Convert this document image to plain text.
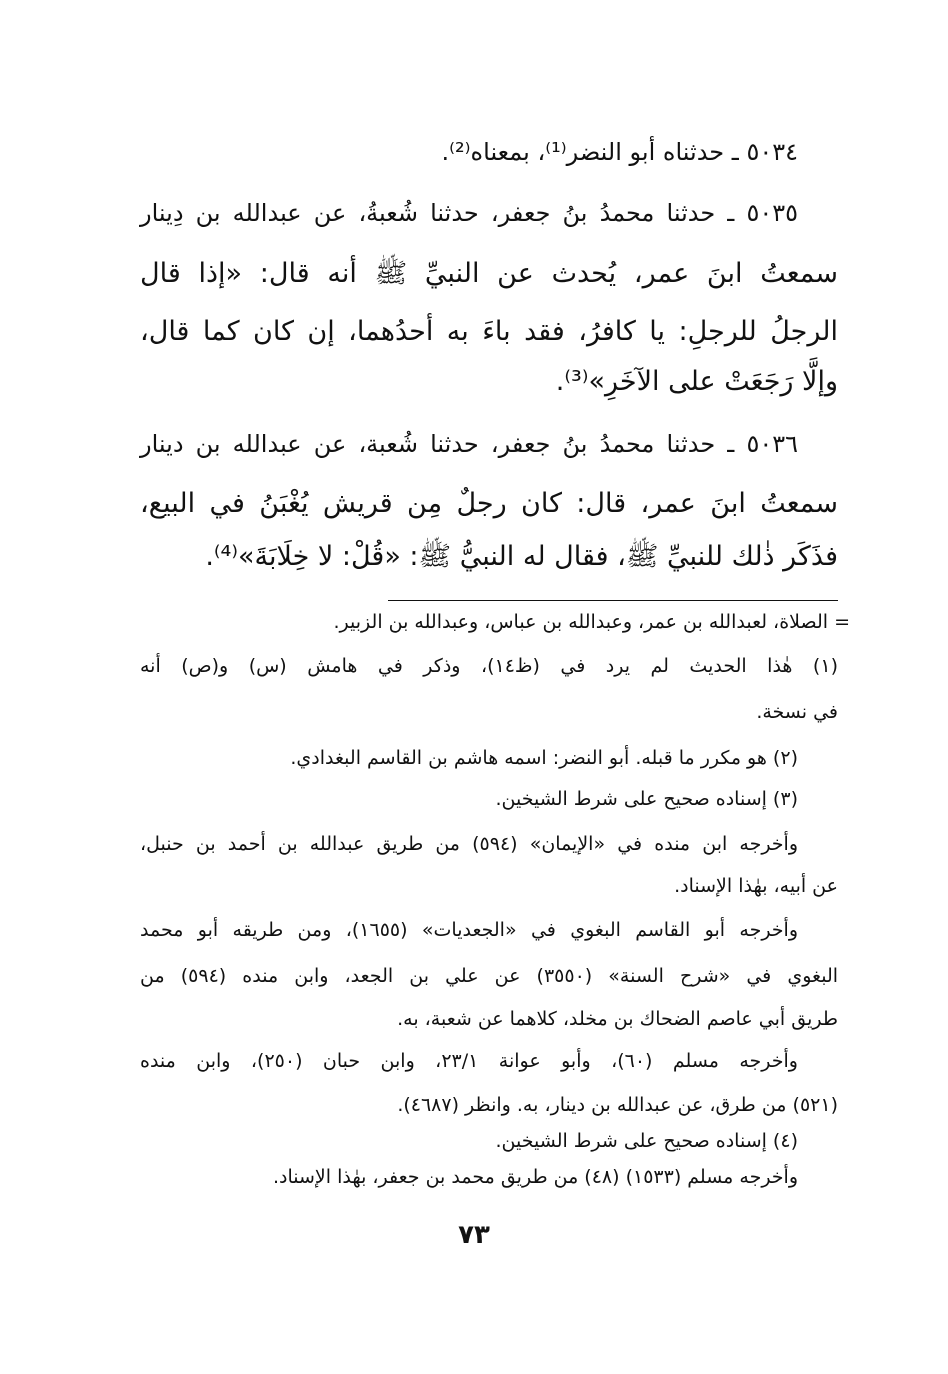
٥٠٣٤ ـ حدثناه أبو النضر⁽¹⁾، بمعناه⁽²⁾.
٥٠٣٥ ـ حدثنا محمدُ بنُ جعفر، حدثنا شُعبةُ، عن عبدالله بن دِينار
سمعتُ ابنَ عمر، يُحدث عن النبيِّ ﷺ أنه قال: «إذا قال
الرجلُ للرجلِ: يا كافرُ، فقد باءَ به أحدُهما، إن كان كما قال،
وإلَّا رَجَعَتْ على الآخَرِ»⁽³⁾.
٥٠٣٦ ـ حدثنا محمدُ بنُ جعفر، حدثنا شُعبة، عن عبدالله بن دينار
سمعتُ ابنَ عمر، قال: كان رجلٌ مِن قريش يُغْبَنُ في البيع،
فذَكَر ذٰلك للنبيِّ ﷺ، فقال له النبيُّ ﷺ: «قُلْ: لا خِلَابَةَ»⁽⁴⁾.
= الصلاة، لعبدالله بن عمر، وعبدالله بن عباس، وعبدالله بن الزبير.
(١) هٰذا الحديث لم يرد في (ظ١٤)، وذكر في هامش (س) و(ص) أنه
في نسخة.
(٢) هو مكرر ما قبله. أبو النضر: اسمه هاشم بن القاسم البغدادي.
(٣) إسناده صحيح على شرط الشيخين.
وأخرجه ابن منده في «الإيمان» (٥٩٤) من طريق عبدالله بن أحمد بن حنبل،
عن أبيه، بهٰذا الإسناد.
وأخرجه أبو القاسم البغوي في «الجعديات» (١٦٥٥)، ومن طريقه أبو محمد
البغوي في «شرح السنة» (٣٥٥٠) عن علي بن الجعد، وابن منده (٥٩٤) من
طريق أبي عاصم الضحاك بن مخلد، كلاهما عن شعبة، به.
وأخرجه مسلم (٦٠)، وأبو عوانة ٢٣/١، وابن حبان (٢٥٠)، وابن منده
(٥٢١) من طرق، عن عبدالله بن دينار، به. وانظر (٤٦٨٧).
(٤) إسناده صحيح على شرط الشيخين.
وأخرجه مسلم (١٥٣٣) (٤٨) من طريق محمد بن جعفر، بهٰذا الإسناد.
٧٣
